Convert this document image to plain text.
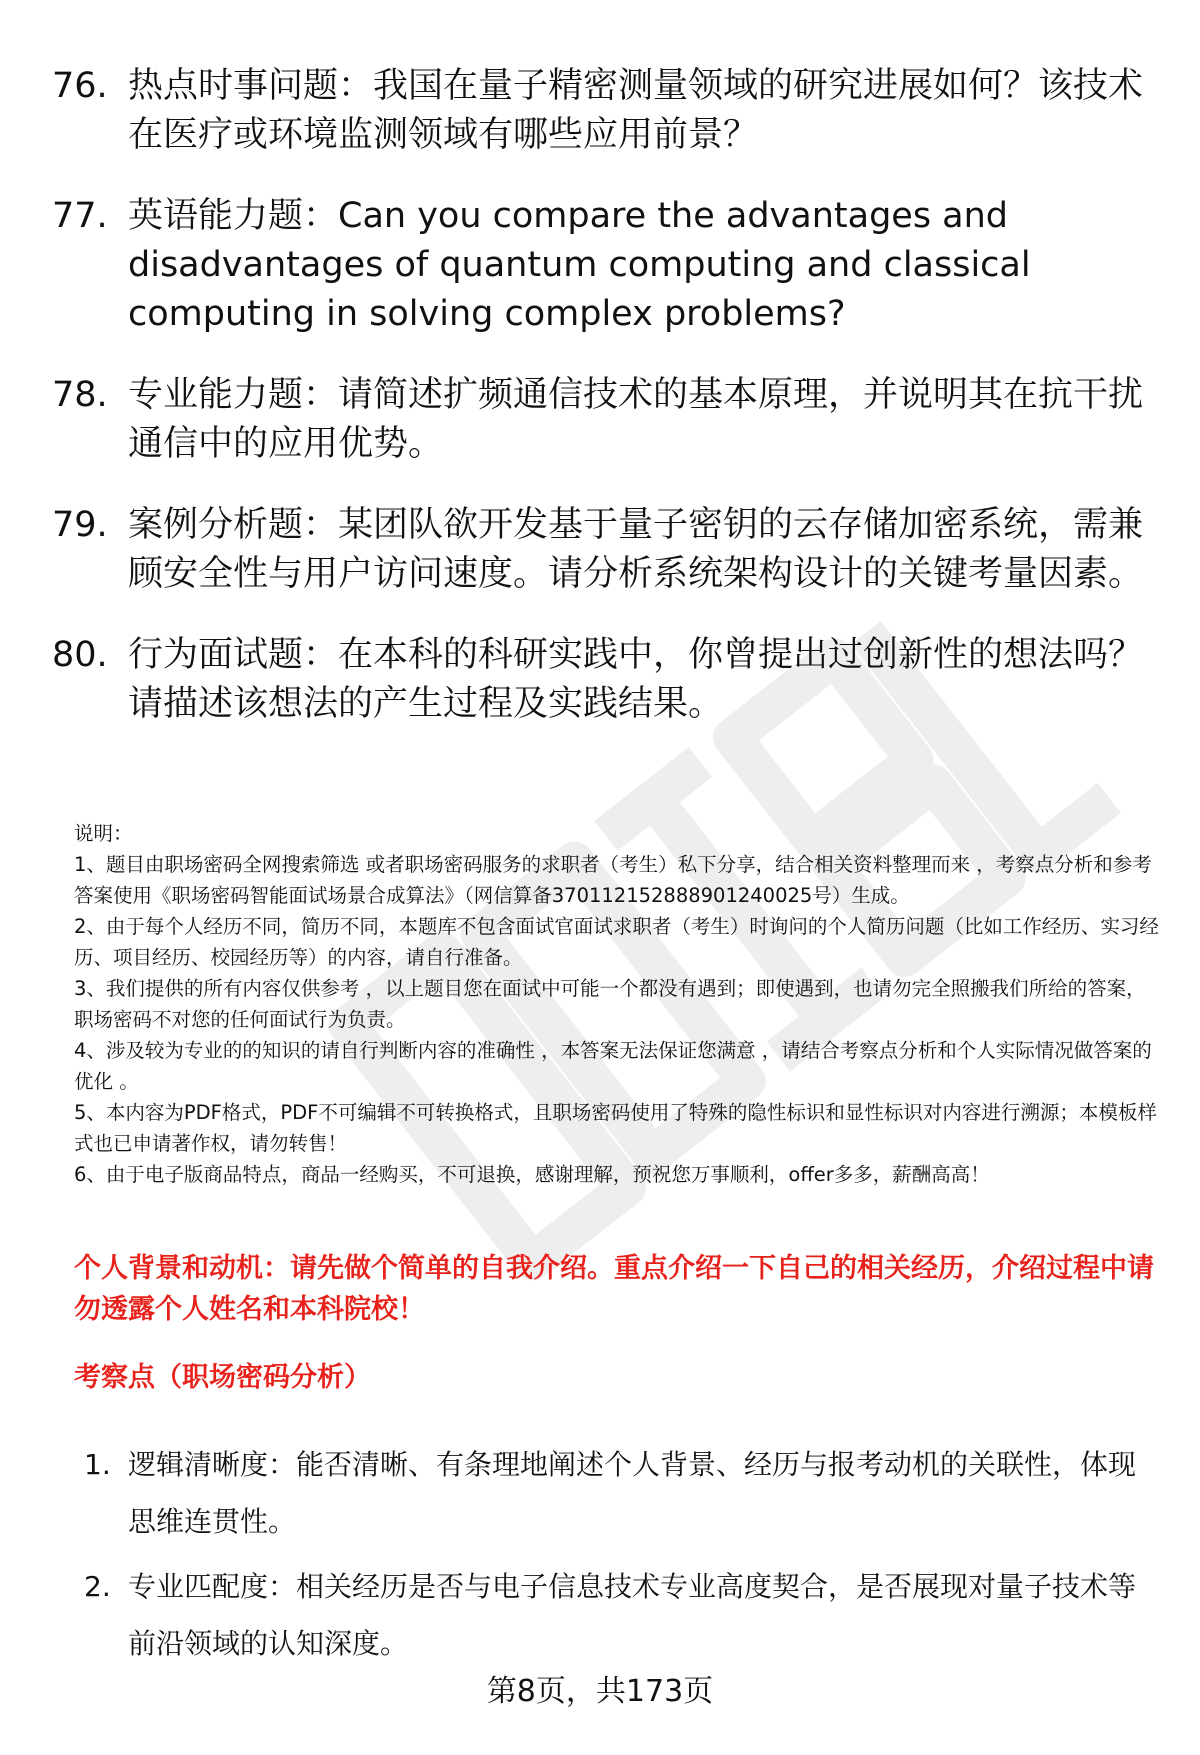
76. 热点时事问题：我国在量子精密测量领域的研究进展如何？该技术在医疗或环境监测领域有哪些应用前景？
77. 英语能力题：Can you compare the advantages and disadvantages of quantum computing and classical computing in solving complex problems?
78. 专业能力题：请简述扩频通信技术的基本原理，并说明其在抗干扰通信中的应用优势。
79. 案例分析题：某团队欲开发基于量子密钥的云存储加密系统，需兼顾安全性与用户访问速度。请分析系统架构设计的关键考量因素。
80. 行为面试题：在本科的科研实践中，你曾提出过创新性的想法吗？请描述该想法的产生过程及实践结果。

说明：

1、题目由职场密码全网搜索筛选 或者职场密码服务的求职者（考生）私下分享，结合相关资料整理而来 ，考察点分析和参考答案使用《职场密码智能面试场景合成算法》（网信算备370112152888901240025号）生成。

2、由于每个人经历不同，简历不同，本题库不包含面试官面试求职者（考生）时询问的个人简历问题（比如工作经历、实习经历、项目经历、校园经历等）的内容，请自行准备。

3、我们提供的所有内容仅供参考 ，以上题目您在面试中可能一个都没有遇到；即使遇到，也请勿完全照搬我们所给的答案，职场密码不对您的任何面试行为负责。

4、涉及较为专业的的知识的请自行判断内容的准确性 ，本答案无法保证您满意 ，请结合考察点分析和个人实际情况做答案的优化 。

5、本内容为PDF格式，PDF不可编辑不可转换格式，且职场密码使用了特殊的隐性标识和显性标识对内容进行溯源；本模板样式也已申请著作权，请勿转售！

6、由于电子版商品特点，商品一经购买，不可退换，感谢理解，预祝您万事顺利，offer多多，薪酬高高！

个人背景和动机：请先做个简单的自我介绍。重点介绍一下自己的相关经历，介绍过程中请勿透露个人姓名和本科院校！
考察点（职场密码分析）
1. 逻辑清晰度：能否清晰、有条理地阐述个人背景、经历与报考动机的关联性，体现思维连贯性。
2. 专业匹配度：相关经历是否与电子信息技术专业高度契合，是否展现对量子技术等前沿领域的认知深度。
第8页，共173页
